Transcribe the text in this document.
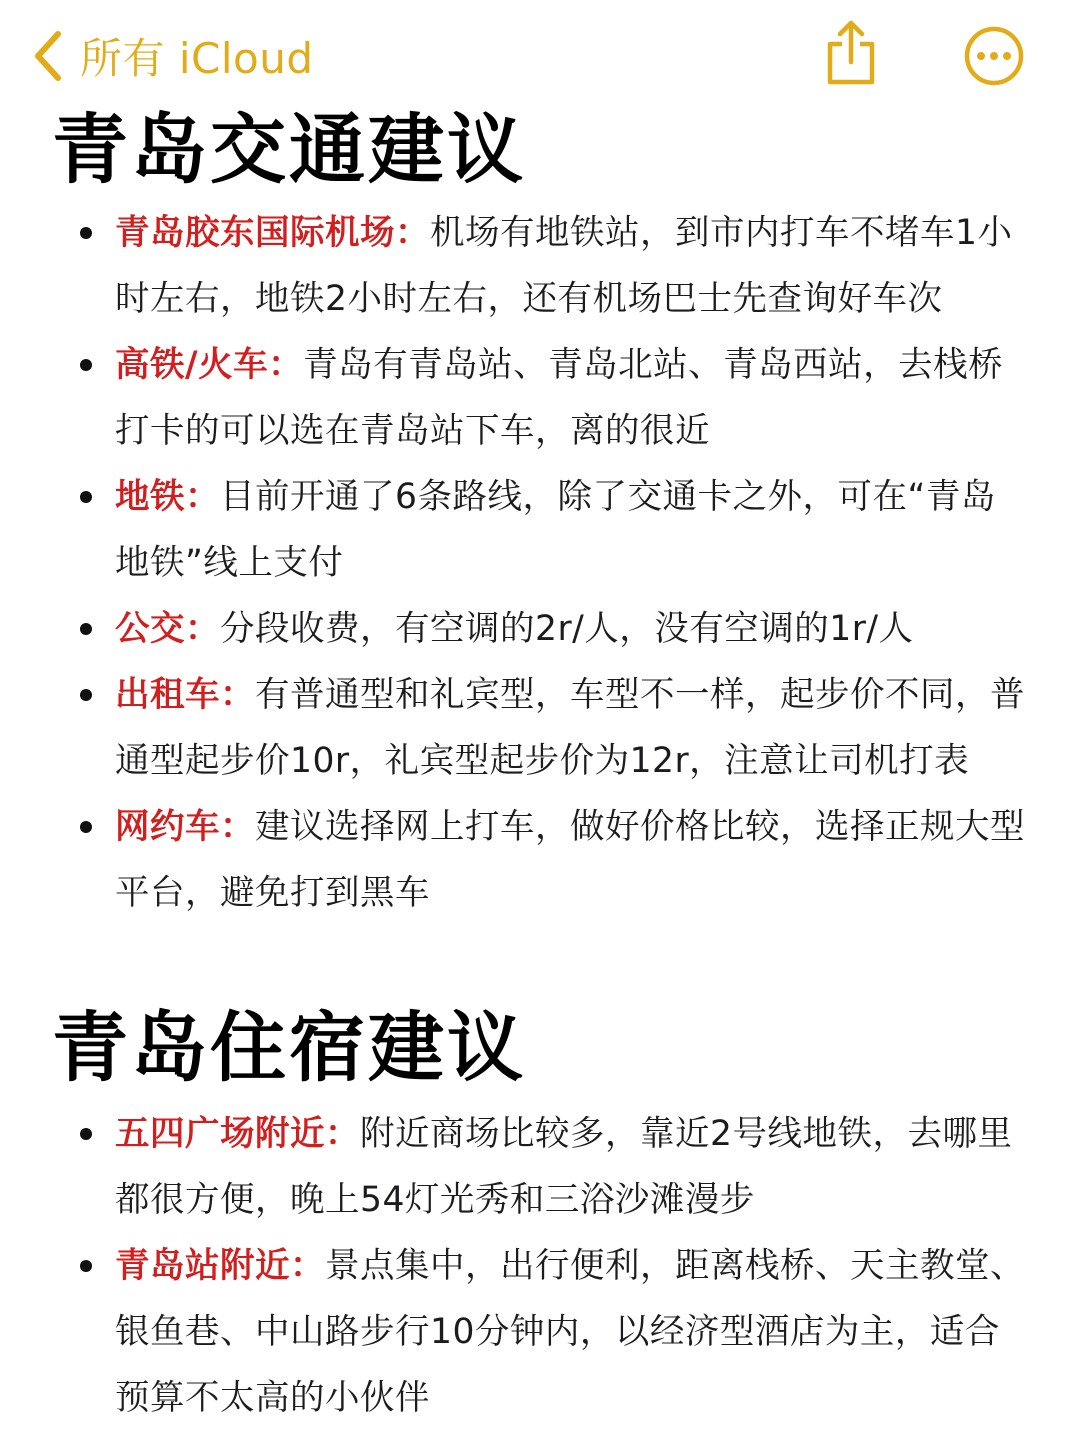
所有 iCloud
青岛交通建议
青岛胶东国际机场：机场有地铁站，到市内打车不堵车1小时左右，地铁2小时左右，还有机场巴士先查询好车次
高铁/火车：青岛有青岛站、青岛北站、青岛西站，去栈桥打卡的可以选在青岛站下车，离的很近
地铁：目前开通了6条路线，除了交通卡之外，可在“青岛地铁”线上支付
公交：分段收费，有空调的2r/人，没有空调的1r/人
出租车：有普通型和礼宾型，车型不一样，起步价不同，普通型起步价10r，礼宾型起步价为12r，注意让司机打表
网约车：建议选择网上打车，做好价格比较，选择正规大型平台，避免打到黑车
青岛住宿建议
五四广场附近：附近商场比较多，靠近2号线地铁，去哪里都很方便，晚上54灯光秀和三浴沙滩漫步
青岛站附近：景点集中，出行便利，距离栈桥、天主教堂、银鱼巷、中山路步行10分钟内，以经济型酒店为主，适合预算不太高的小伙伴
